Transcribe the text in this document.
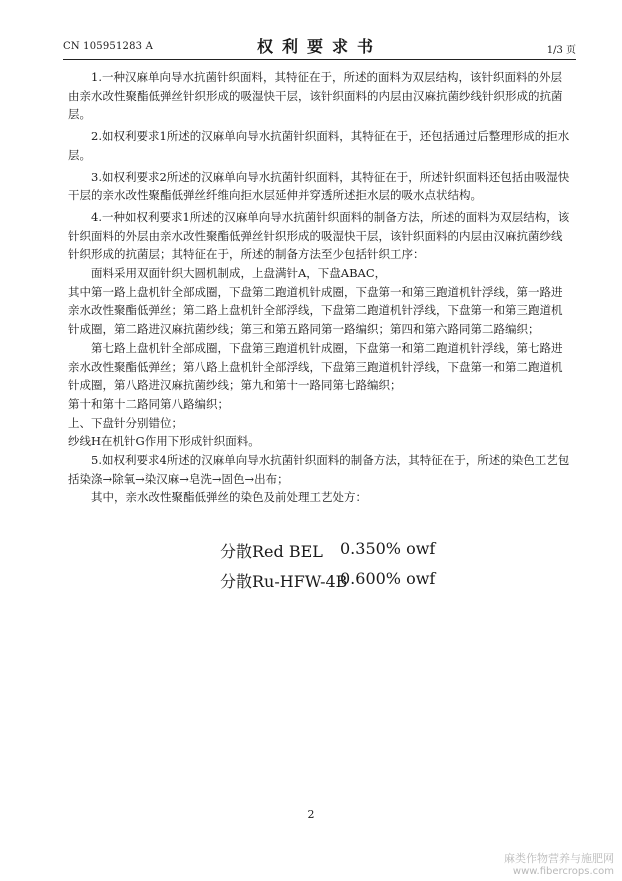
CN 105951283 A	权利要求书	1/3 页

1.一种汉麻单向导水抗菌针织面料，其特征在于，所述的面料为双层结构，该针织面料的外层由亲水改性聚酯低弹丝针织形成的吸湿快干层，该针织面料的内层由汉麻抗菌纱线针织形成的抗菌层。

2.如权利要求1所述的汉麻单向导水抗菌针织面料，其特征在于，还包括通过后整理形成的拒水层。

3.如权利要求2所述的汉麻单向导水抗菌针织面料，其特征在于，所述针织面料还包括由吸湿快干层的亲水改性聚酯低弹丝纤维向拒水层延伸并穿透所述拒水层的吸水点状结构。

4.一种如权利要求1所述的汉麻单向导水抗菌针织面料的制备方法，所述的面料为双层结构，该针织面料的外层由亲水改性聚酯低弹丝针织形成的吸湿快干层，该针织面料的内层由汉麻抗菌纱线针织形成的抗菌层；其特征在于，所述的制备方法至少包括针织工序：

面料采用双面针织大圆机制成，上盘满针A，下盘ABAC，

其中第一路上盘机针全部成圈，下盘第二跑道机针成圈，下盘第一和第三跑道机针浮线，第一路进亲水改性聚酯低弹丝；第二路上盘机针全部浮线，下盘第二跑道机针浮线，下盘第一和第三跑道机针成圈，第二路进汉麻抗菌纱线；第三和第五路同第一路编织；第四和第六路同第二路编织；

第七路上盘机针全部成圈，下盘第三跑道机针成圈，下盘第一和第二跑道机针浮线，第七路进亲水改性聚酯低弹丝；第八路上盘机针全部浮线，下盘第三跑道机针浮线，下盘第一和第二跑道机针成圈，第八路进汉麻抗菌纱线；第九和第十一路同第七路编织；

第十和第十二路同第八路编织；

上、下盘针分别错位；

纱线H在机针G作用下形成针织面料。

5.如权利要求4所述的汉麻单向导水抗菌针织面料的制备方法，其特征在于，所述的染色工艺包括染涤→除氧→染汉麻→皂洗→固色→出布；

其中，亲水改性聚酯低弹丝的染色及前处理工艺处方：

分散Red BEL 0.350% owf
分散Ru-HFW-4B
0.600% owf
2
麻类作物营养与施肥网
www.fibercrops.com
